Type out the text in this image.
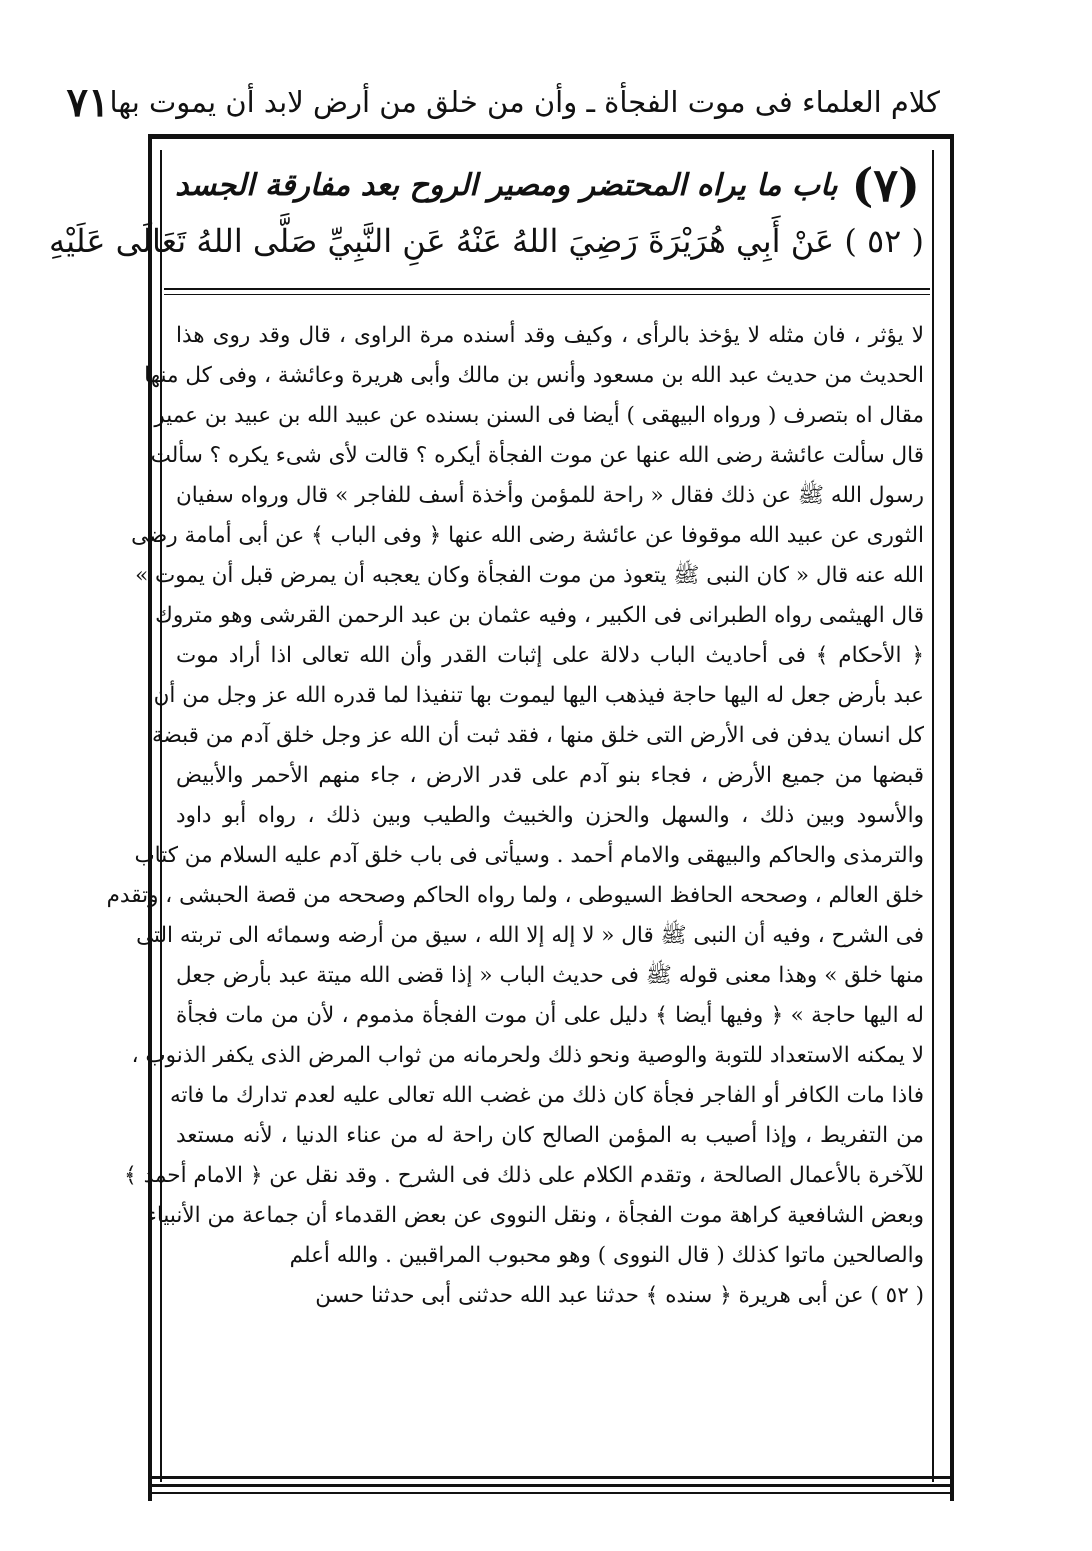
كلام العلماء فى موت الفجأة ـ وأن من خلق من أرض لابد أن يموت بها
٧١
(٧)
باب ما يراه المحتضر ومصير الروح بعد مفارقة الجسد
( ٥٢ ) عَنْ أَبِي هُرَيْرَةَ رَضِيَ اللهُ عَنْهُ عَنِ النَّبِيِّ صَلَّى اللهُ تَعَالَى عَلَيْهِ
لا يؤثر ، فان مثله لا يؤخذ بالرأى ، وكيف وقد أسنده مرة الراوى ، قال وقد روى هذا
الحديث من حديث عبد الله بن مسعود وأنس بن مالك وأبى هريرة وعائشة ، وفى كل منها
مقال اه بتصرف ( ورواه البيهقى ) أيضا فى السنن بسنده عن عبيد الله بن عبيد بن عمير
قال سألت عائشة رضى الله عنها عن موت الفجأة أيكره ؟ قالت لأى شىء يكره ؟ سألت
رسول الله ﷺ عن ذلك فقال « راحة للمؤمن وأخذة أسف للفاجر » قال ورواه سفيان
الثورى عن عبيد الله موقوفا عن عائشة رضى الله عنها ﴿ وفى الباب ﴾ عن أبى أمامة رضى
الله عنه قال « كان النبى ﷺ يتعوذ من موت الفجأة وكان يعجبه أن يمرض قبل أن يموت »
قال الهيثمى رواه الطبرانى فى الكبير ، وفيه عثمان بن عبد الرحمن القرشى وهو متروك
﴿ الأحكام ﴾ فى أحاديث الباب دلالة على إثبات القدر وأن الله تعالى اذا أراد موت
عبد بأرض جعل له اليها حاجة فيذهب اليها ليموت بها تنفيذا لما قدره الله عز وجل من أن
كل انسان يدفن فى الأرض التى خلق منها ، فقد ثبت أن الله عز وجل خلق آدم من قبضة
قبضها من جميع الأرض ، فجاء بنو آدم على قدر الارض ، جاء منهم الأحمر والأبيض
والأسود وبين ذلك ، والسهل والحزن والخبيث والطيب وبين ذلك ، رواه أبو داود
والترمذى والحاكم والبيهقى والامام أحمد . وسيأتى فى باب خلق آدم عليه السلام من كتاب
خلق العالم ، وصححه الحافظ السيوطى ، ولما رواه الحاكم وصححه من قصة الحبشى ، وتقدم
فى الشرح ، وفيه أن النبى ﷺ قال « لا إله إلا الله ، سيق من أرضه وسمائه الى تربته التى
منها خلق » وهذا معنى قوله ﷺ فى حديث الباب « إذا قضى الله ميتة عبد بأرض جعل
له اليها حاجة » ﴿ وفيها أيضا ﴾ دليل على أن موت الفجأة مذموم ، لأن من مات فجأة
لا يمكنه الاستعداد للتوبة والوصية ونحو ذلك ولحرمانه من ثواب المرض الذى يكفر الذنوب ،
فاذا مات الكافر أو الفاجر فجأة كان ذلك من غضب الله تعالى عليه لعدم تدارك ما فاته
من التفريط ، وإذا أصيب به المؤمن الصالح كان راحة له من عناء الدنيا ، لأنه مستعد
للآخرة بالأعمال الصالحة ، وتقدم الكلام على ذلك فى الشرح . وقد نقل عن ﴿ الامام أحمد ﴾
وبعض الشافعية كراهة موت الفجأة ، ونقل النووى عن بعض القدماء أن جماعة من الأنبياء
والصالحين ماتوا كذلك ( قال النووى ) وهو محبوب المراقبين . والله أعلم
( ٥٢ ) عن أبى هريرة ﴿ سنده ﴾ حدثنا عبد الله حدثنى أبى حدثنا حسن
